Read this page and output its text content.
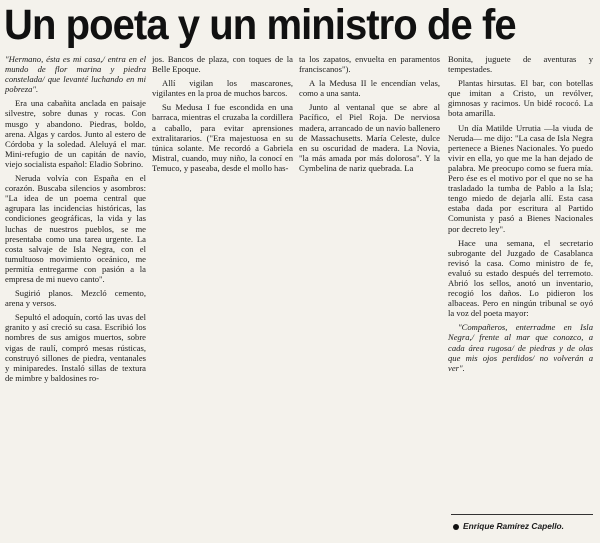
Un poeta y un ministro de fe

"Hermano, ésta es mi casa,/ entra en el mundo de flor marina y piedra constelada/ que levanté luchando en mi pobreza".

Era una cabañita anclada en paisaje silvestre, sobre dunas y rocas. Con musgo y abandono. Piedras, boldo, arena. Algas y cardos. Junto al estero de Córdoba y la soledad. Aleluyá el mar. Mini-refugio de un capitán de navío, viejo socialista español: Eladio Sobrino.

Neruda volvía con España en el corazón. Buscaba silencios y asombros: "La idea de un poema central que agrupara las incidencias históricas, las condiciones geográficas, la vida y las luchas de nuestros pueblos, se me presentaba como una tarea urgente. La costa salvaje de Isla Negra, con el tumultuoso movimiento oceánico, me permitía entregarme con pasión a la empresa de mi nuevo canto".

Sugirió planos. Mezcló cemento, arena y versos.

Sepultó el adoquín, cortó las uvas del granito y así creció su casa. Escribió los nombres de sus amigos muertos, sobre vigas de raulí, compró mesas rústicas, construyó sillones de piedra, ventanales y miniparedes. Instaló sillas de textura de mimbre y baldosines ro-

jos. Bancos de plaza, con toques de la Belle Epoque.

Allí vigilan los mascarones, vigilantes en la proa de muchos barcos.

Su Medusa I fue escondida en una barraca, mientras el cruzaba la cordillera a caballo, para evitar aprensiones extralitararios. ("Era majestuosa en su túnica solante. Me recordó a Gabriela Mistral, cuando, muy niño, la conocí en Temuco, y paseaba, desde el mollo has-

ta los zapatos, envuelta en paramentos franciscanos").

A la Medusa II le encendían velas, como a una santa.

Junto al ventanal que se abre al Pacífico, el Piel Roja. De nerviosa madera, arrancado de un navío ballenero de Massachusetts. María Celeste, dulce en su oscuridad de madera. La Novia, "la más amada por más dolorosa". Y la Cymbelina de nariz quebrada. La

Bonita, juguete de aventuras y tempestades.

Plantas hirsutas. El bar, con botellas que imitan a Cristo, un revólver, gimnosas y racimos. Un bidé rococó. La bota amarilla.

Un día Matilde Urrutia —la viuda de Neruda— me dijo: "La casa de Isla Negra pertenece a Bienes Nacionales. Yo puedo vivir en ella, yo que me la han dejado de palabra. Me preocupo como se fuera mía. Pero ése es el motivo por el que no se ha trasladado la tumba de Pablo a la Isla; tengo miedo de dejarla allí. Esta casa estaba dada por escritura al Partido Comunista y pasó a Bienes Nacionales por decreto ley".

Hace una semana, el secretario subrogante del Juzgado de Casablanca revisó la casa. Como ministro de fe, evaluó su estado después del terremoto. Abrió los sellos, anotó un inventario, recogió los daños. Lo pidieron los albaceas. Pero en ningún tribunal se oyó la voz del poeta mayor:

"Compañeros, enterradme en Isla Negra,/ frente al mar que conozco, a cada área rugosa/ de piedras y de olas que mis ojos perdidos/ no volverán a ver".

Enrique Ramírez Capello.
